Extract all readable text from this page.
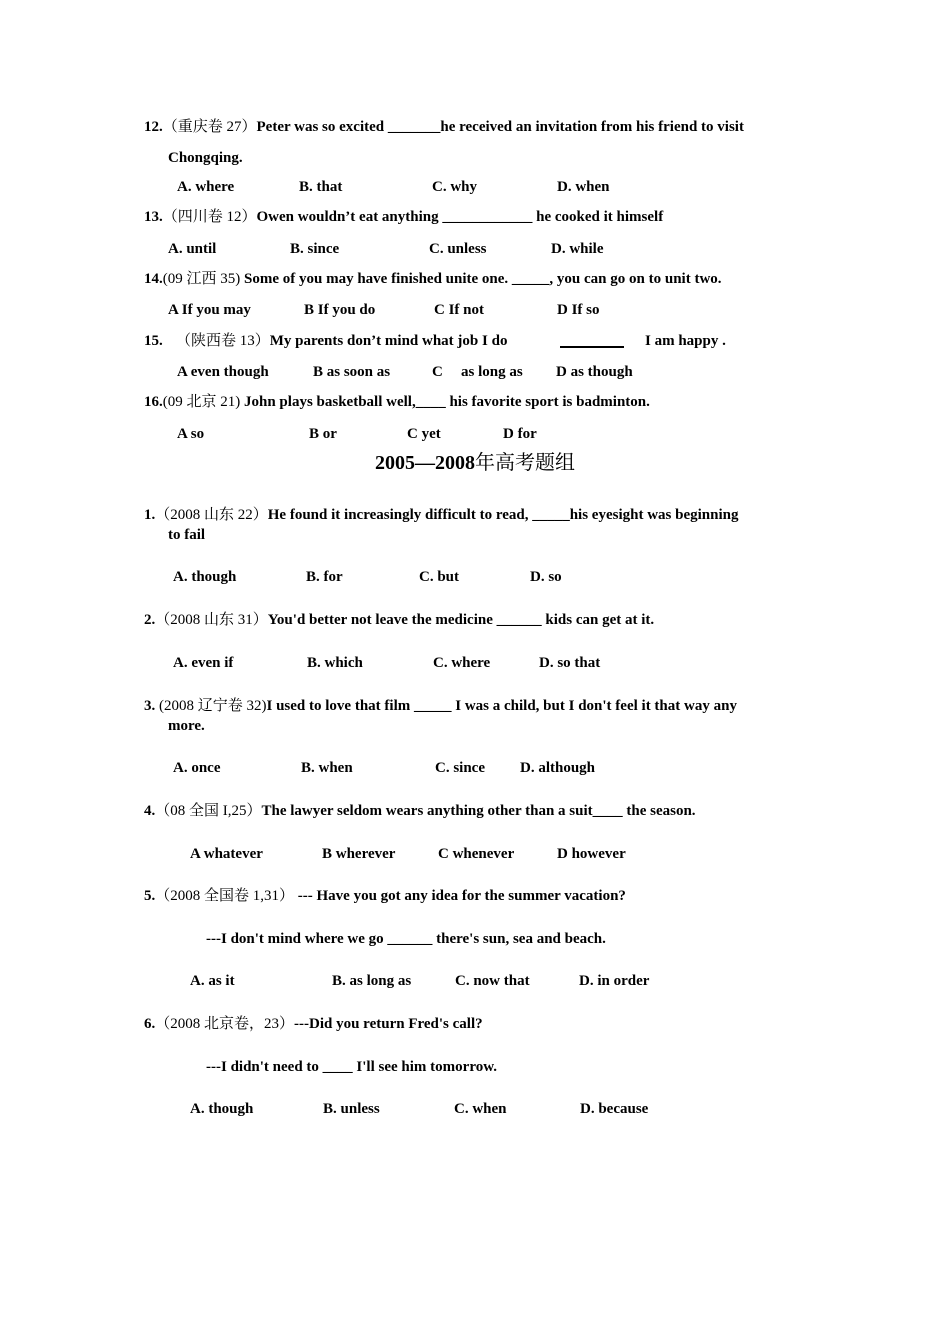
12.（重庆卷 27）Peter was so excited _______he received an invitation from his friend to visit
Chongqing.
A. where	B. that	C. why	D. when
13.（四川卷 12）Owen wouldn’t eat anything ____________ he cooked it himself
A. until	B. since	C. unless	D. while
14.(09 江西 35) Some of you may have finished unite one. _____, you can go on to unit two.
A If you may	B If you do	C If not	D If so
15. （陕西卷 13）My parents don’t mind what job I do	I am happy .
A even though	B as soon as	C as long as D as though
16.(09 北京 21) John plays basketball well,____ his favorite sport is badminton.
A so	B or	C yet	D for
2005—2008年高考题组
1.（2008 山东 22）He found it increasingly difficult to read, _____his eyesight was beginning
to fail
A. though	B. for	C. but	D. so
2.（2008 山东 31）You'd better not leave the medicine ______ kids can get at it.
A. even if	B. which	C. where	D. so that
3. (2008 辽宁卷 32)I used to love that film _____ I was a child, but I don't feel it that way any
more.
A. once	B. when	C. since D. although
4.（08 全国 I,25）The lawyer seldom wears anything other than a suit____ the season.
A whatever	B wherever	C whenever	D however
5.（2008 全国卷 1,31） --- Have you got any idea for the summer vacation?
---I don't mind where we go ______ there's sun, sea and beach.
A. as it	B. as long as	C. now that	D. in order
6.（2008 北京卷，23）---Did you return Fred's call?
---I didn't need to ____ I'll see him tomorrow.
A. though	B. unless	C. when	D. because
